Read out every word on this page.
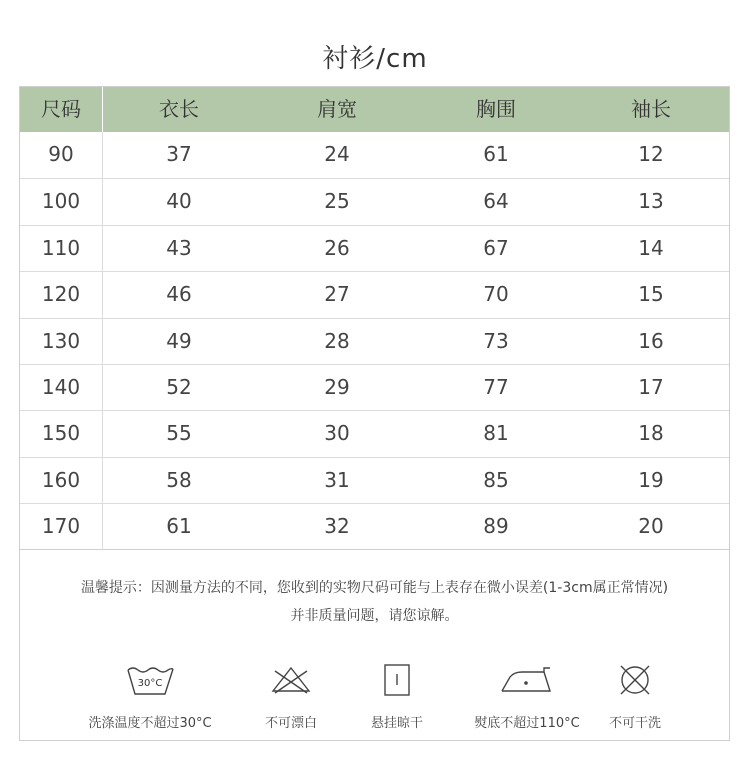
衬衫/cm
尺码	衣长	肩宽	胸围	袖长
90	37	24	61	12
100	40	25	64	13
110	43	26	67	14
120	46	27	70	15
130	49	28	73	16
140	52	29	77	17
150	55	30	81	18
160	58	31	85	19
170	61	32	89	20
温馨提示：因测量方法的不同，您收到的实物尺码可能与上表存在微小误差(1-3cm属正常情况)
并非质量问题，请您谅解。
30°C
洗涤温度不超过30°C	不可漂白	悬挂晾干	熨底不超过110°C	不可干洗
